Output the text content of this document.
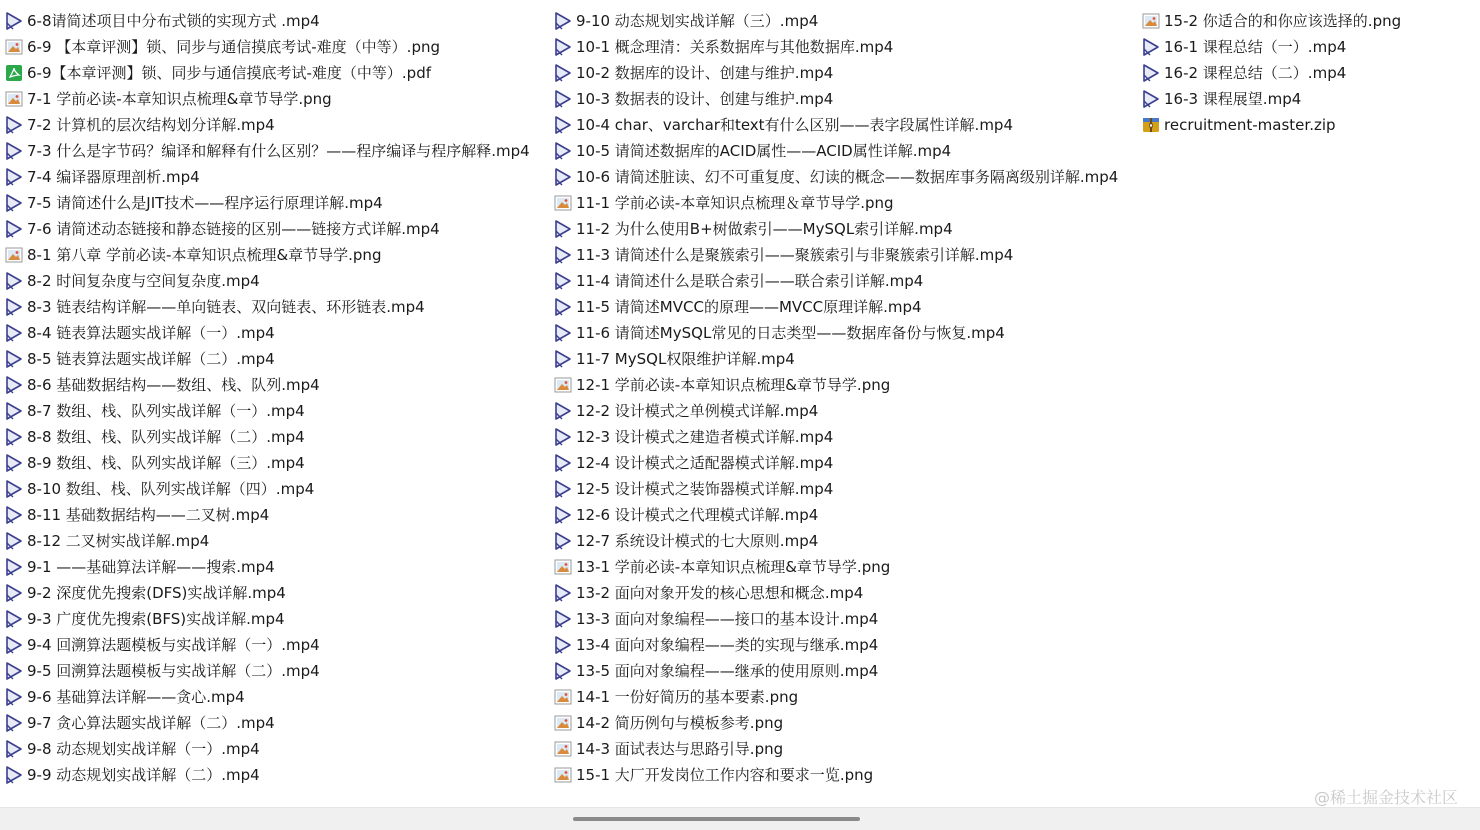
6-8请简述项目中分布式锁的实现方式 .mp4
6-9 【本章评测】锁、同步与通信摸底考试-难度（中等）.png
6-9【本章评测】锁、同步与通信摸底考试-难度（中等）.pdf
7-1 学前必读-本章知识点梳理&章节导学.png
7-2 计算机的层次结构划分详解.mp4
7-3 什么是字节码？编译和解释有什么区别？——程序编译与程序解释.mp4
7-4 编译器原理剖析.mp4
7-5 请简述什么是JIT技术——程序运行原理详解.mp4
7-6 请简述动态链接和静态链接的区别——链接方式详解.mp4
8-1 第八章 学前必读-本章知识点梳理&章节导学.png
8-2 时间复杂度与空间复杂度.mp4
8-3 链表结构详解——单向链表、双向链表、环形链表.mp4
8-4 链表算法题实战详解（一）.mp4
8-5 链表算法题实战详解（二）.mp4
8-6 基础数据结构——数组、栈、队列.mp4
8-7 数组、栈、队列实战详解（一）.mp4
8-8 数组、栈、队列实战详解（二）.mp4
8-9 数组、栈、队列实战详解（三）.mp4
8-10 数组、栈、队列实战详解（四）.mp4
8-11 基础数据结构——二叉树.mp4
8-12 二叉树实战详解.mp4
9-1 ——基础算法详解——搜索.mp4
9-2 深度优先搜索(DFS)实战详解.mp4
9-3 广度优先搜索(BFS)实战详解.mp4
9-4 回溯算法题模板与实战详解（一）.mp4
9-5 回溯算法题模板与实战详解（二）.mp4
9-6 基础算法详解——贪心.mp4
9-7 贪心算法题实战详解（二）.mp4
9-8 动态规划实战详解（一）.mp4
9-9 动态规划实战详解（二）.mp4
9-10 动态规划实战详解（三）.mp4
10-1 概念理清：关系数据库与其他数据库.mp4
10-2 数据库的设计、创建与维护.mp4
10-3 数据表的设计、创建与维护.mp4
10-4 char、varchar和text有什么区别——表字段属性详解.mp4
10-5 请简述数据库的ACID属性——ACID属性详解.mp4
10-6 请简述脏读、幻不可重复度、幻读的概念——数据库事务隔离级别详解.mp4
11-1 学前必读-本章知识点梳理＆章节导学.png
11-2 为什么使用B+树做索引——MySQL索引详解.mp4
11-3 请简述什么是聚簇索引——聚簇索引与非聚簇索引详解.mp4
11-4 请简述什么是联合索引——联合索引详解.mp4
11-5 请简述MVCC的原理——MVCC原理详解.mp4
11-6 请简述MySQL常见的日志类型——数据库备份与恢复.mp4
11-7 MySQL权限维护详解.mp4
12-1 学前必读-本章知识点梳理&章节导学.png
12-2 设计模式之单例模式详解.mp4
12-3 设计模式之建造者模式详解.mp4
12-4 设计模式之适配器模式详解.mp4
12-5 设计模式之装饰器模式详解.mp4
12-6 设计模式之代理模式详解.mp4
12-7 系统设计模式的七大原则.mp4
13-1 学前必读-本章知识点梳理&章节导学.png
13-2 面向对象开发的核心思想和概念.mp4
13-3 面向对象编程——接口的基本设计.mp4
13-4 面向对象编程——类的实现与继承.mp4
13-5 面向对象编程——继承的使用原则.mp4
14-1 一份好简历的基本要素.png
14-2 简历例句与模板参考.png
14-3 面试表达与思路引导.png
15-1 大厂开发岗位工作内容和要求一览.png
15-2 你适合的和你应该选择的.png
16-1 课程总结（一）.mp4
16-2 课程总结（二）.mp4
16-3 课程展望.mp4
recruitment-master.zip
@稀土掘金技术社区
